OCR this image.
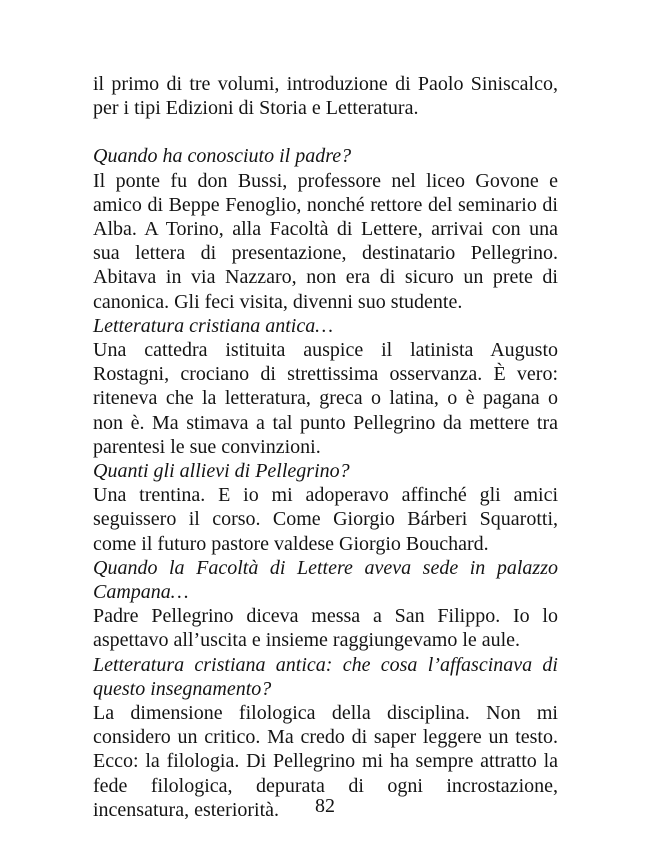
il primo di tre volumi, introduzione di Paolo Siniscalco, per i tipi Edizioni di Storia e Letteratura.

Quando ha conosciuto il padre?

Il ponte fu don Bussi, professore nel liceo Govone e amico di Beppe Fenoglio, nonché rettore del seminario di Alba. A Torino, alla Facoltà di Lettere, arrivai con una sua lettera di presentazione, destinatario Pellegrino. Abitava in via Nazzaro, non era di sicuro un prete di canonica. Gli feci visita, divenni suo studente.

Letteratura cristiana antica…

Una cattedra istituita auspice il latinista Augusto Rostagni, crociano di strettissima osservanza. È vero: riteneva che la letteratura, greca o latina, o è pagana o non è. Ma stimava a tal punto Pellegrino da mettere tra parentesi le sue convinzioni.

Quanti gli allievi di Pellegrino?

Una trentina. E io mi adoperavo affinché gli amici seguissero il corso. Come Giorgio Bárberi Squarotti, come il futuro pastore valdese Giorgio Bouchard.

Quando la Facoltà di Lettere aveva sede in palazzo Campana…

Padre Pellegrino diceva messa a San Filippo. Io lo aspettavo all’uscita e insieme raggiungevamo le aule.

Letteratura cristiana antica: che cosa l’affascinava di questo insegnamento?

La dimensione filologica della disciplina. Non mi considero un critico. Ma credo di saper leggere un testo. Ecco: la filologia. Di Pellegrino mi ha sempre attratto la fede filologica, depurata di ogni incrostazione, incensatura, esteriorità.	82
